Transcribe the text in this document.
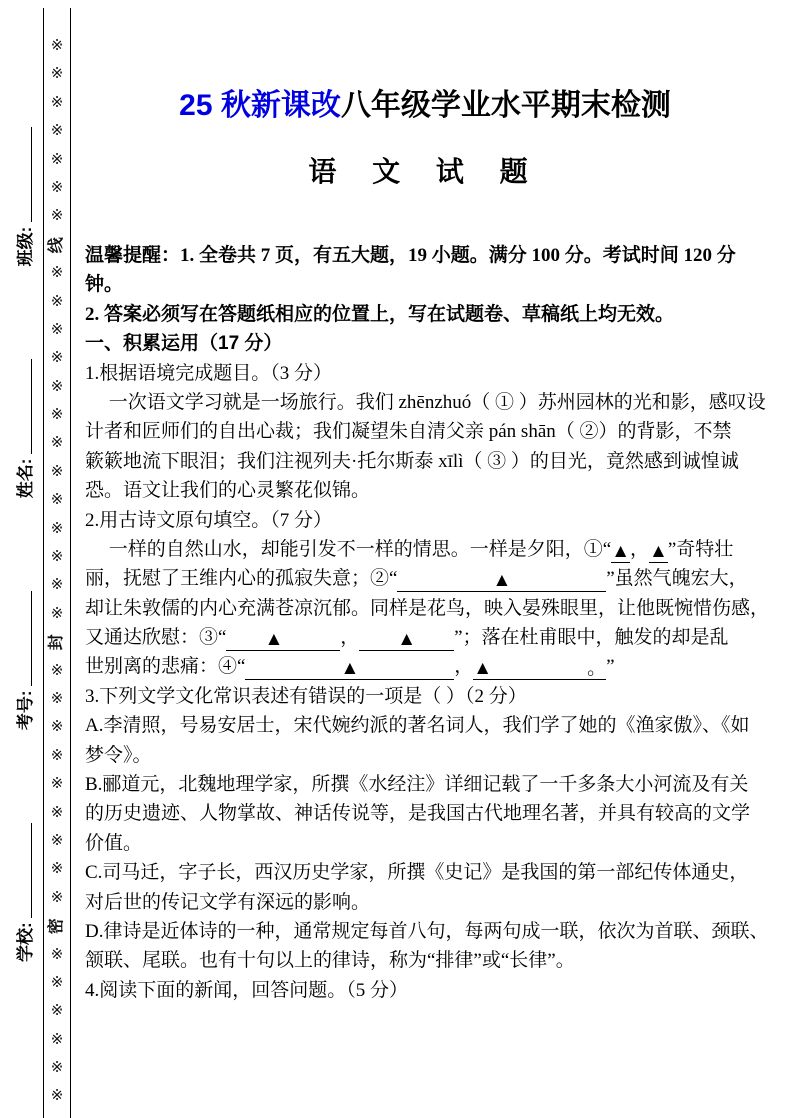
学校:
考号:
姓名:
班级:
※
※
※
※
※
※
※
线
※
※
※
※
※
※
※
※
※
※
※
※
※
封
※
※
※
※
※
※
※
※
※
密
※
※
※
※
※
※
25 秋新课改八年级学业水平期末检测
语 文 试 题
温馨提醒：1. 全卷共 7 页，有五大题，19 小题。满分 100 分。考试时间 120 分
钟。
2. 答案必须写在答题纸相应的位置上，写在试题卷、草稿纸上均无效。
一、积累运用（17 分）
1.根据语境完成题目。（3 分）
　 一次语文学习就是一场旅行。我们 zhēnzhuó（ ① ）苏州园林的光和影，感叹设
计者和匠师们的自出心裁；我们凝望朱自清父亲 pán shān（ ②）的背影，不禁
簌簌地流下眼泪；我们注视列夫·托尔斯泰 xīlì（ ③ ）的目光，竟然感到诚惶诚
恐。语文让我们的心灵繁花似锦。
2.用古诗文原句填空。（7 分）
　 一样的自然山水，却能引发不一样的情思。一样是夕阳，①“▲，▲”奇特壮
丽，抚慰了王维内心的孤寂失意；②“　　　　　▲　　　　　”虽然气魄宏大，
却让朱敦儒的内心充满苍凉沉郁。同样是花鸟，映入晏殊眼里，让他既惋惜伤感，
又通达欣慰：③“　　▲　　　，　　▲　　”；落在杜甫眼中，触发的却是乱
世别离的悲痛：④“　　　　　▲　　　　　，▲　　　　　。”
3.下列文学文化常识表述有错误的一项是（ ）（2 分）
A.李清照，号易安居士，宋代婉约派的著名词人，我们学了她的《渔家傲》、《如
梦令》。
B.郦道元，北魏地理学家，所撰《水经注》详细记载了一千多条大小河流及有关
的历史遗迹、人物掌故、神话传说等，是我国古代地理名著，并具有较高的文学
价值。
C.司马迁，字子长，西汉历史学家，所撰《史记》是我国的第一部纪传体通史，
对后世的传记文学有深远的影响。
D.律诗是近体诗的一种，通常规定每首八句，每两句成一联，依次为首联、颈联、
颔联、尾联。也有十句以上的律诗，称为“排律”或“长律”。
4.阅读下面的新闻，回答问题。（5 分）
